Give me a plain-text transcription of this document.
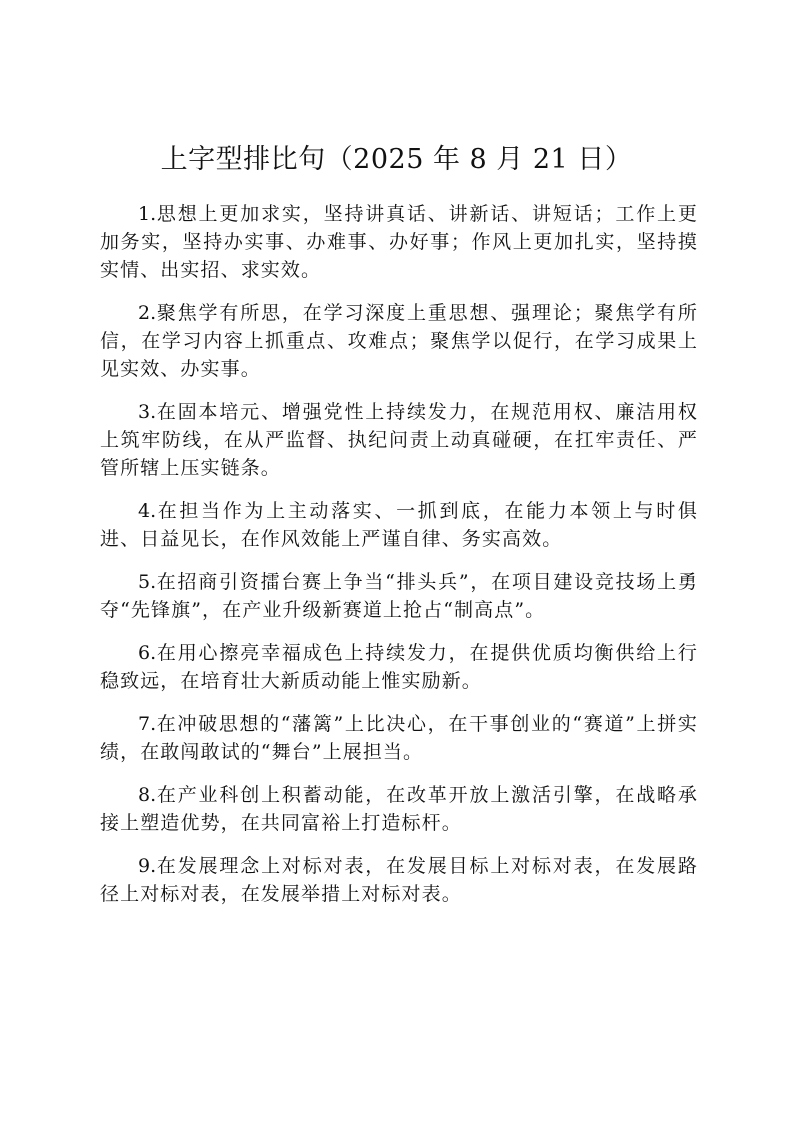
上字型排比句（2025 年 8 月 21 日）

1.思想上更加求实，坚持讲真话、讲新话、讲短话；工作上更加务实，坚持办实事、办难事、办好事；作风上更加扎实，坚持摸实情、出实招、求实效。

2.聚焦学有所思，在学习深度上重思想、强理论；聚焦学有所信，在学习内容上抓重点、攻难点；聚焦学以促行，在学习成果上见实效、办实事。

3.在固本培元、增强党性上持续发力，在规范用权、廉洁用权上筑牢防线，在从严监督、执纪问责上动真碰硬，在扛牢责任、严管所辖上压实链条。

4.在担当作为上主动落实、一抓到底，在能力本领上与时俱进、日益见长，在作风效能上严谨自律、务实高效。

5.在招商引资擂台赛上争当“排头兵”，在项目建设竞技场上勇夺“先锋旗”，在产业升级新赛道上抢占“制高点”。

6.在用心擦亮幸福成色上持续发力，在提供优质均衡供给上行稳致远，在培育壮大新质动能上惟实励新。

7.在冲破思想的“藩篱”上比决心，在干事创业的“赛道”上拼实绩，在敢闯敢试的“舞台”上展担当。

8.在产业科创上积蓄动能，在改革开放上激活引擎，在战略承接上塑造优势，在共同富裕上打造标杆。

9.在发展理念上对标对表，在发展目标上对标对表，在发展路径上对标对表，在发展举措上对标对表。
